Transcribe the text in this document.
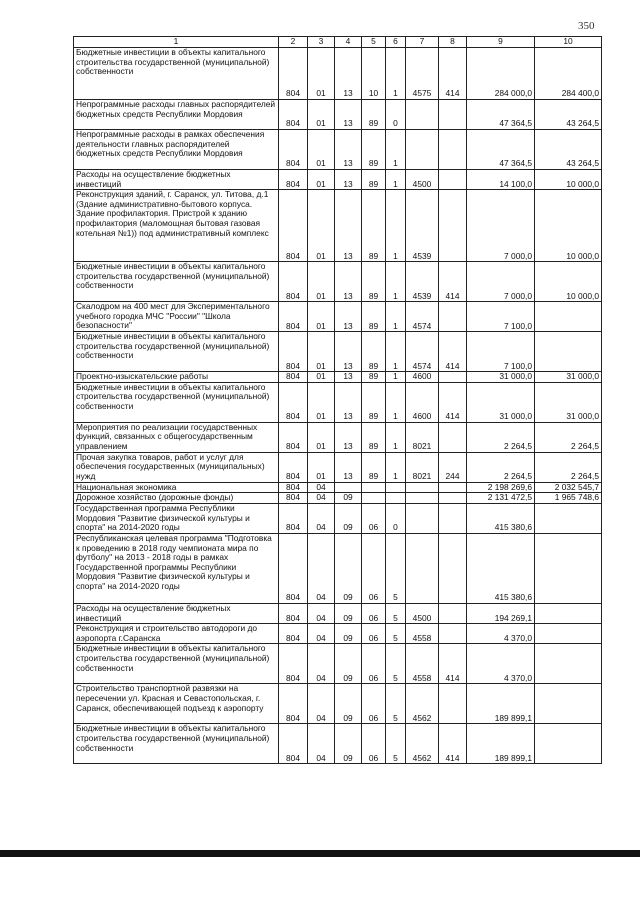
350
1	2	3	4	5	6	7	8	9	10
Бюджетные инвестиции в объекты капитального строительства государственной (муниципальной) собственности	804	01	13	10	1	4575	414	284 000,0	284 400,0
Непрограммные расходы главных распорядителей бюджетных средств Республики Мордовия	804	01	13	89	0			47 364,5	43 264,5
Непрограммные расходы в рамках обеспечения деятельности главных распорядителей бюджетных средств Республики Мордовия	804	01	13	89	1			47 364,5	43 264,5
Расходы на осуществление бюджетных инвестиций	804	01	13	89	1	4500		14 100,0	10 000,0
Реконструкция зданий, г. Саранск, ул. Титова, д.1 (Здание административно-бытового корпуса. Здание профилактория. Пристрой к зданию профилактория (маломощная бытовая газовая котельная №1)) под административный комплекс	804	01	13	89	1	4539		7 000,0	10 000,0
Бюджетные инвестиции в объекты капитального строительства государственной (муниципальной) собственности	804	01	13	89	1	4539	414	7 000,0	10 000,0
Скалодром на 400 мест для Экспериментального учебного городка МЧС "России" "Школа безопасности"	804	01	13	89	1	4574		7 100,0	
Бюджетные инвестиции в объекты капитального строительства государственной (муниципальной) собственности	804	01	13	89	1	4574	414	7 100,0	
Проектно-изыскательские работы	804	01	13	89	1	4600		31 000,0	31 000,0
Бюджетные инвестиции в объекты капитального строительства государственной (муниципальной) собственности	804	01	13	89	1	4600	414	31 000,0	31 000,0
Мероприятия по реализации государственных функций, связанных с общегосударственным управлением	804	01	13	89	1	8021		2 264,5	2 264,5
Прочая закупка товаров, работ и услуг для обеспечения государственных (муниципальных) нужд	804	01	13	89	1	8021	244	2 264,5	2 264,5
Национальная экономика	804	04						2 198 269,6	2 032 545,7
Дорожное хозяйство (дорожные фонды)	804	04	09					2 131 472,5	1 965 748,6
Государственная программа Республики Мордовия "Развитие физической культуры и спорта" на 2014-2020 годы	804	04	09	06	0			415 380,6	
Республиканская целевая программа "Подготовка к проведению в 2018 году чемпионата мира по футболу" на 2013 - 2018 годы в рамках Государственной программы Республики Мордовия "Развитие физической культуры и спорта" на 2014-2020 годы	804	04	09	06	5			415 380,6	
Расходы на осуществление бюджетных инвестиций	804	04	09	06	5	4500		194 269,1	
Реконструкция и строительство автодороги до аэропорта г.Саранска	804	04	09	06	5	4558		4 370,0	
Бюджетные инвестиции в объекты капитального строительства государственной (муниципальной) собственности	804	04	09	06	5	4558	414	4 370,0	
Строительство транспортной развязки на пересечении ул. Красная и Севастопольская, г. Саранск, обеспечивающей подъезд к аэропорту	804	04	09	06	5	4562		189 899,1	
Бюджетные инвестиции в объекты капитального строительства государственной (муниципальной) собственности	804	04	09	06	5	4562	414	189 899,1	
